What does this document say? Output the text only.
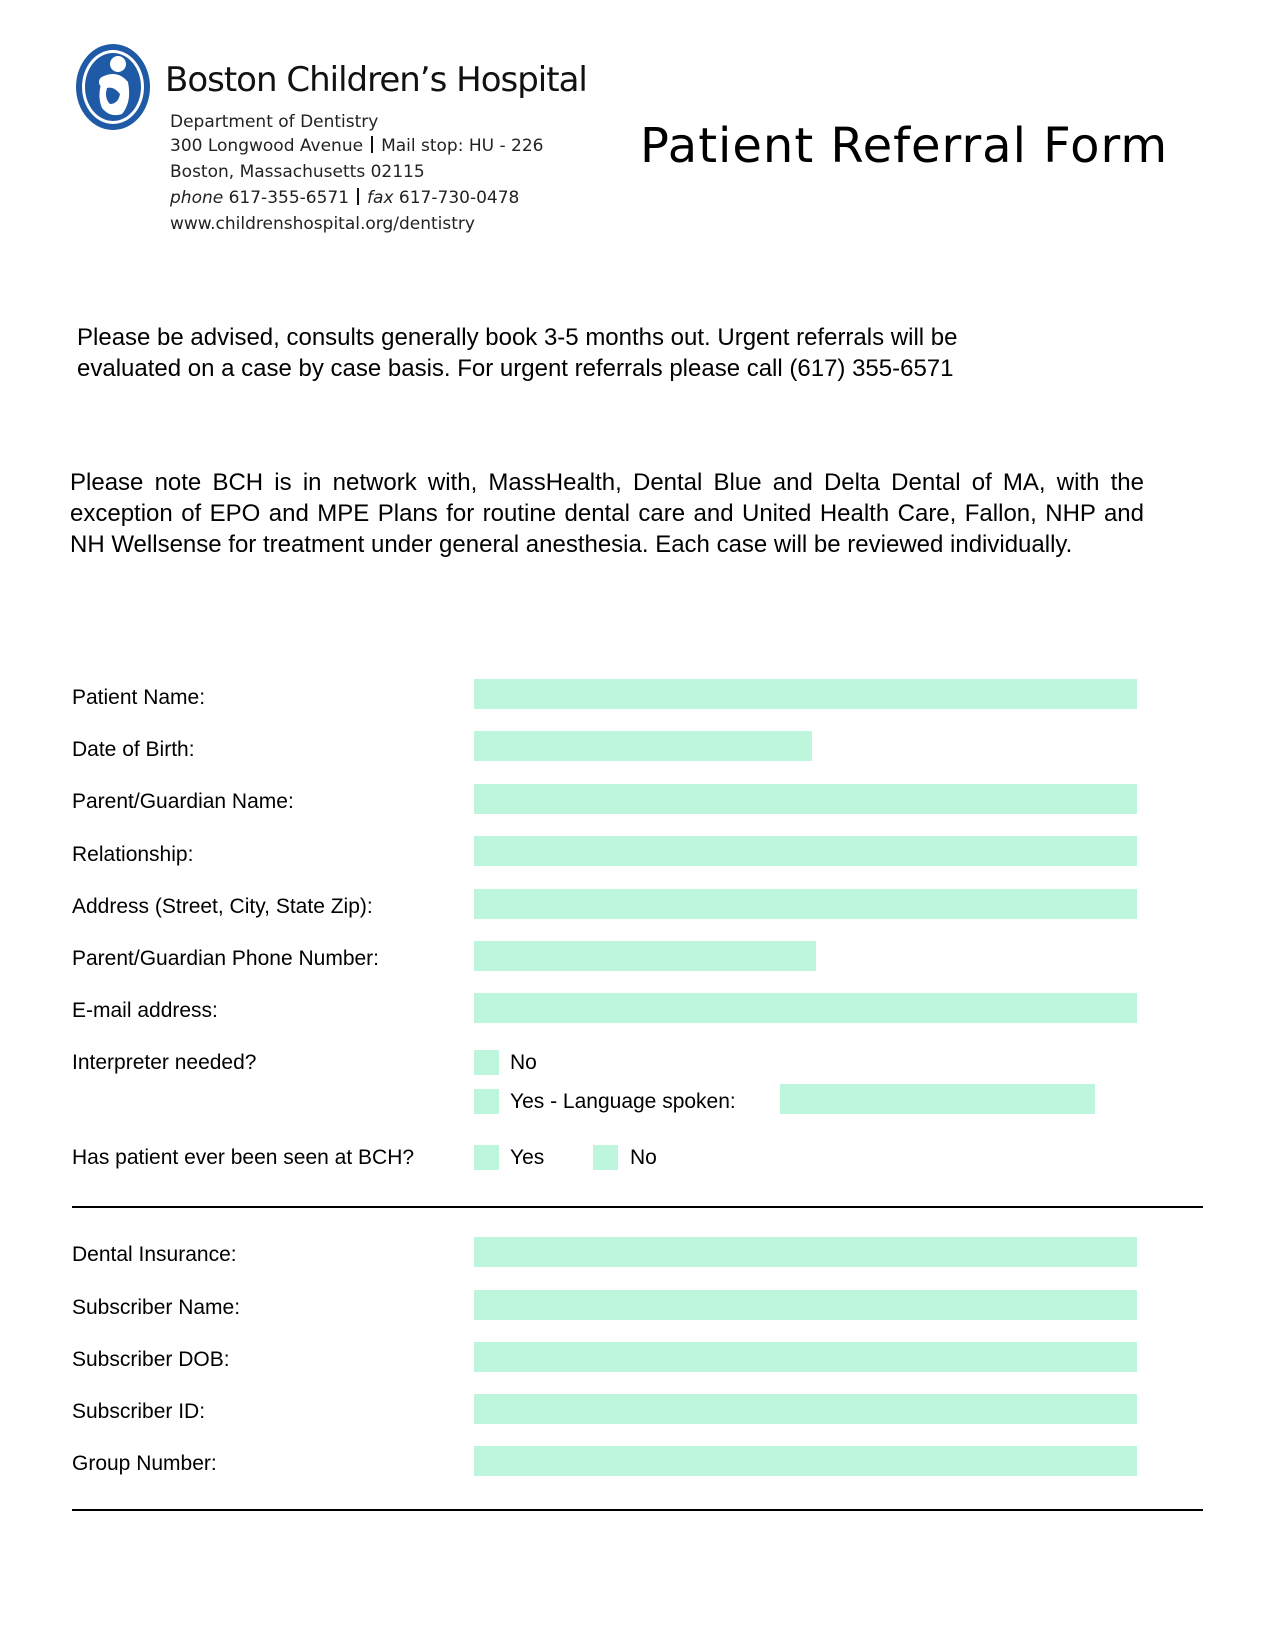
Boston Children’s Hospital
Department of Dentistry
300 Longwood Avenue Mail stop: HU - 226
Boston, Massachusetts 02115
phone 617-355-6571 fax 617-730-0478
www.childrenshospital.org/dentistry
Patient Referral Form
Please be advised, consults generally book 3-5 months out. Urgent referrals will be evaluated on a case by case basis. For urgent referrals please call (617) 355-6571
Please note BCH is in network with, MassHealth, Dental Blue and Delta Dental of MA, with the exception of EPO and MPE Plans for routine dental care and United Health Care, Fallon, NHP and NH Wellsense for treatment under general anesthesia. Each case will be reviewed individually.
Patient Name:
Date of Birth:
Parent/Guardian Name:
Relationship:
Address (Street, City, State Zip):
Parent/Guardian Phone Number:
E-mail address:
Interpreter needed?	No
Yes - Language spoken:
Has patient ever been seen at BCH?	Yes	No
Dental Insurance:
Subscriber Name:
Subscriber DOB:
Subscriber ID:
Group Number:
